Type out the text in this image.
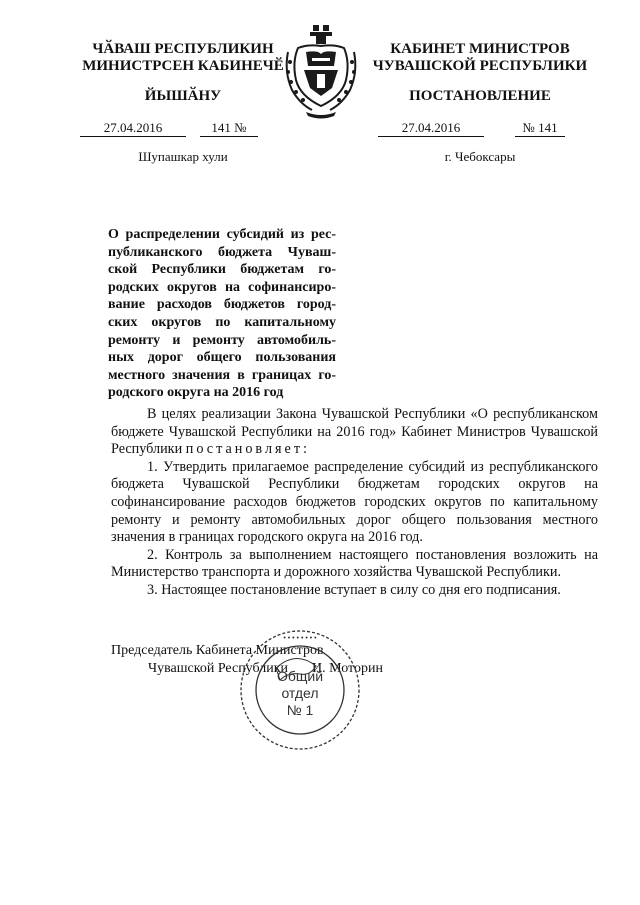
ЧӐВАШ РЕСПУБЛИКИН
МИНИСТРСЕН КАБИНЕЧӖ
ЙЫШӐНУ
27.04.2016	141 №
Шупашкар хули
КАБИНЕТ МИНИСТРОВ
ЧУВАШСКОЙ РЕСПУБЛИКИ
ПОСТАНОВЛЕНИЕ
27.04.2016	№ 141
г. Чебоксары
О распределении субсидий из рес-
публиканского бюджета Чуваш-
ской Республики бюджетам го-
родских округов на софинансиро-
вание расходов бюджетов город-
ских округов по капитальному
ремонту и ремонту автомобиль-
ных дорог общего пользования
местного значения в границах го-
родского округа на 2016 год

В целях реализации Закона Чувашской Республики «О республиканском бюджете Чувашской Республики на 2016 год» Кабинет Министров Чувашской Республики постановляет:

1. Утвердить прилагаемое распределение субсидий из республиканского бюджета Чувашской Республики бюджетам городских округов на софинансирование расходов бюджетов городских округов по капитальному ремонту и ремонту автомобильных дорог общего пользования местного значения в границах городского округа на 2016 год.

2. Контроль за выполнением настоящего постановления возложить на Министерство транспорта и дорожного хозяйства Чувашской Республики.

3. Настоящее постановление вступает в силу со дня его подписания.

Председатель Кабинета Министров
Чувашской Республики И. Моторин
• • • • • • • •
Общий
отдел
№ 1
